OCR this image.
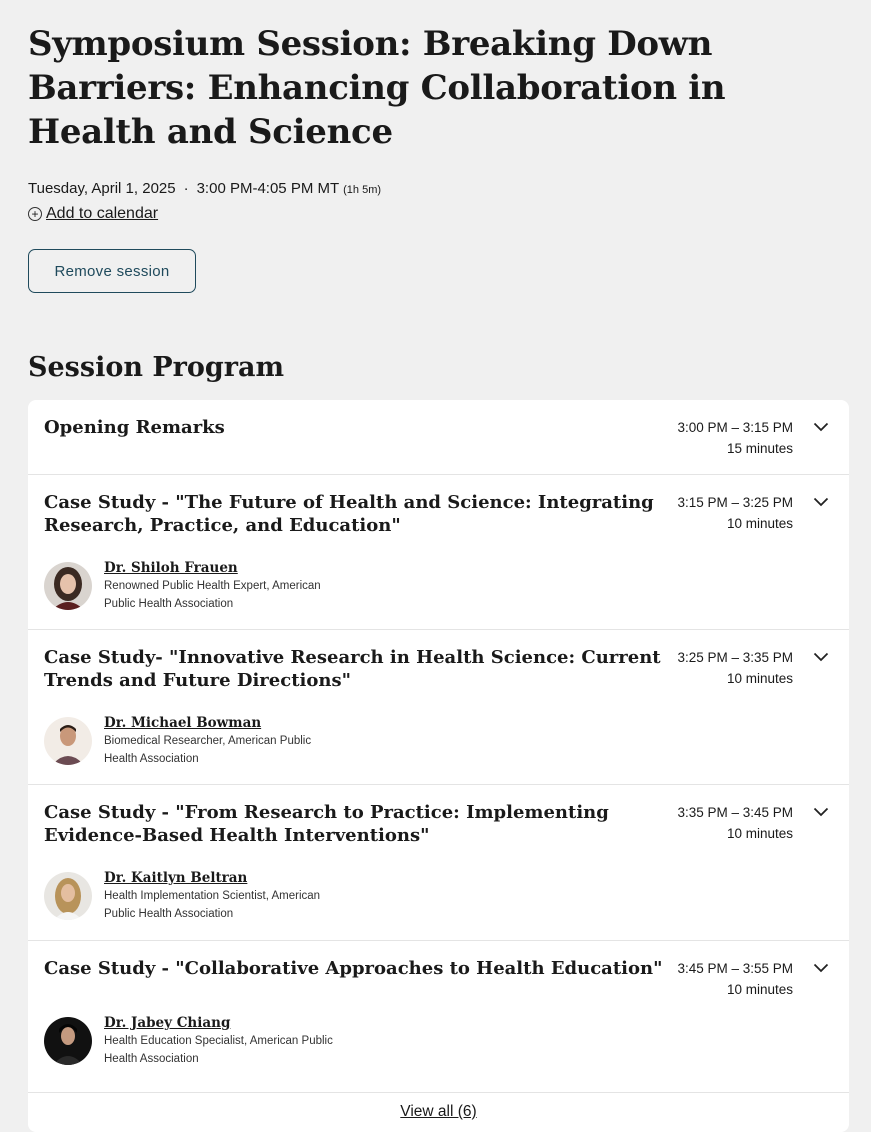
Symposium Session: Breaking Down Barriers: Enhancing Collaboration in Health and Science
Tuesday, April 1, 2025 · 3:00 PM-4:05 PM MT (1h 5m)
+ Add to calendar
Remove session
Session Program
Opening Remarks	3:00 PM – 3:15 PM
15 minutes
Case Study - "The Future of Health and Science: Integrating Research, Practice, and Education"
3:15 PM – 3:25 PM
10 minutes
Dr. Shiloh Frauen
Renowned Public Health Expert, American Public Health Association
Case Study- "Innovative Research in Health Science: Current Trends and Future Directions"
3:25 PM – 3:35 PM
10 minutes
Dr. Michael Bowman
Biomedical Researcher, American Public Health Association
Case Study - "From Research to Practice: Implementing Evidence-Based Health Interventions"
3:35 PM – 3:45 PM
10 minutes
Dr. Kaitlyn Beltran
Health Implementation Scientist, American Public Health Association
Case Study - "Collaborative Approaches to Health Education"	3:45 PM – 3:55 PM
10 minutes
Dr. Jabey Chiang
Health Education Specialist, American Public Health Association
View all (6)
